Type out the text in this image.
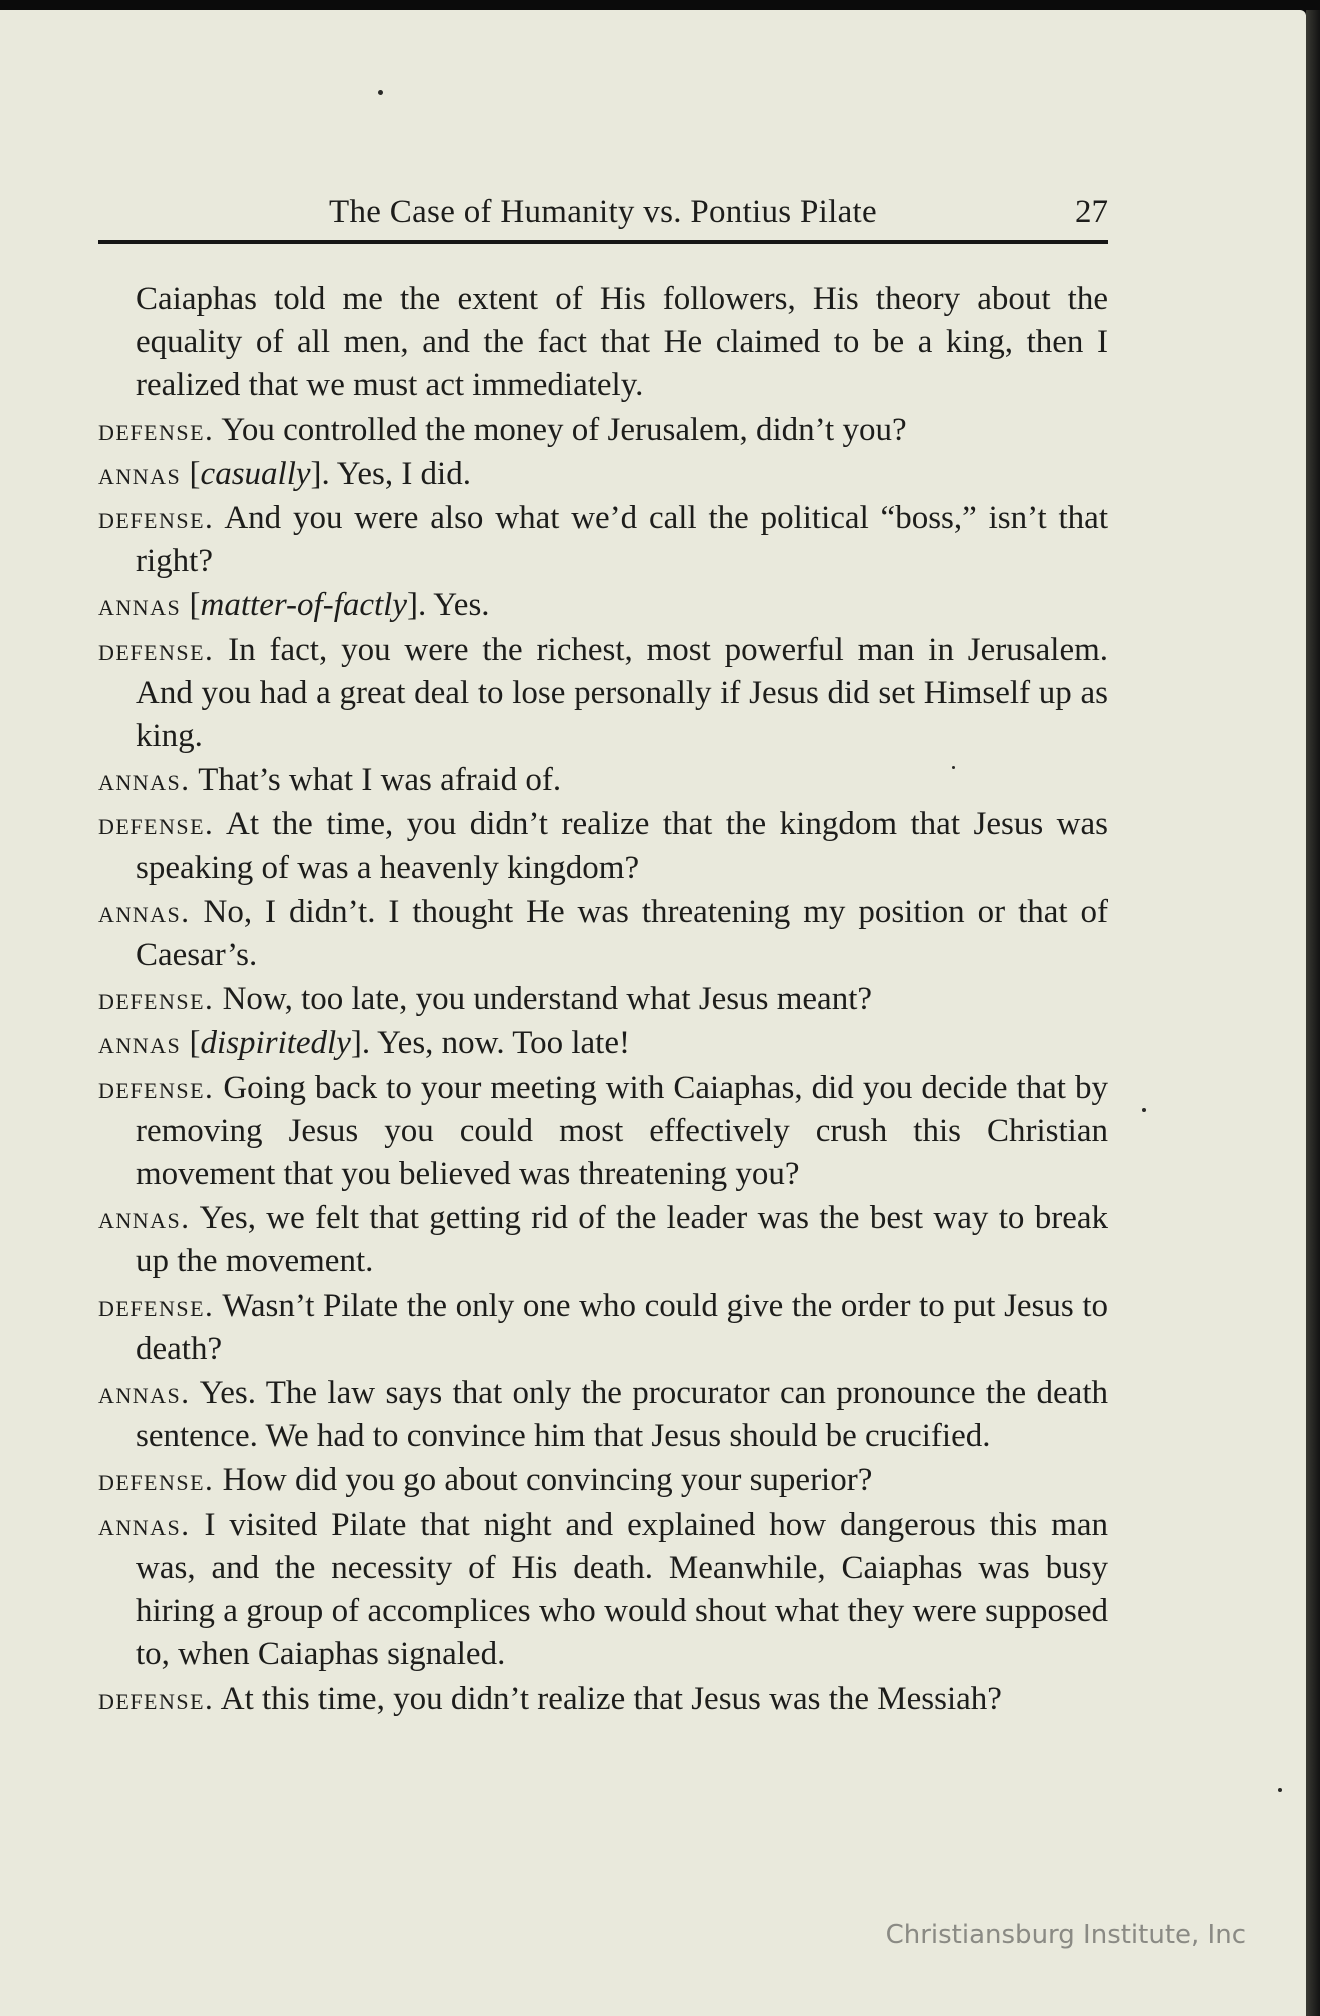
The Case of Humanity vs. Pontius Pilate	27

Caiaphas told me the extent of His followers, His theory about the equality of all men, and the fact that He claimed to be a king, then I realized that we must act immediately.

defense. You controlled the money of Jerusalem, didn’t you?

annas [casually]. Yes, I did.

defense. And you were also what we’d call the political “boss,” isn’t that right?

annas [matter-of-factly]. Yes.

defense. In fact, you were the richest, most powerful man in Jerusalem. And you had a great deal to lose personally if Jesus did set Himself up as king.

annas. That’s what I was afraid of.

defense. At the time, you didn’t realize that the kingdom that Jesus was speaking of was a heavenly kingdom?

annas. No, I didn’t. I thought He was threatening my position or that of Caesar’s.

defense. Now, too late, you understand what Jesus meant?

annas [dispiritedly]. Yes, now. Too late!

defense. Going back to your meeting with Caiaphas, did you decide that by removing Jesus you could most effectively crush this Christian movement that you believed was threatening you?

annas. Yes, we felt that getting rid of the leader was the best way to break up the movement.

defense. Wasn’t Pilate the only one who could give the order to put Jesus to death?

annas. Yes. The law says that only the procurator can pronounce the death sentence. We had to convince him that Jesus should be crucified.

defense. How did you go about convincing your superior?

annas. I visited Pilate that night and explained how dangerous this man was, and the necessity of His death. Meanwhile, Caiaphas was busy hiring a group of accomplices who would shout what they were supposed to, when Caiaphas signaled.

defense. At this time, you didn’t realize that Jesus was the Messiah?

Christiansburg Institute, Inc
